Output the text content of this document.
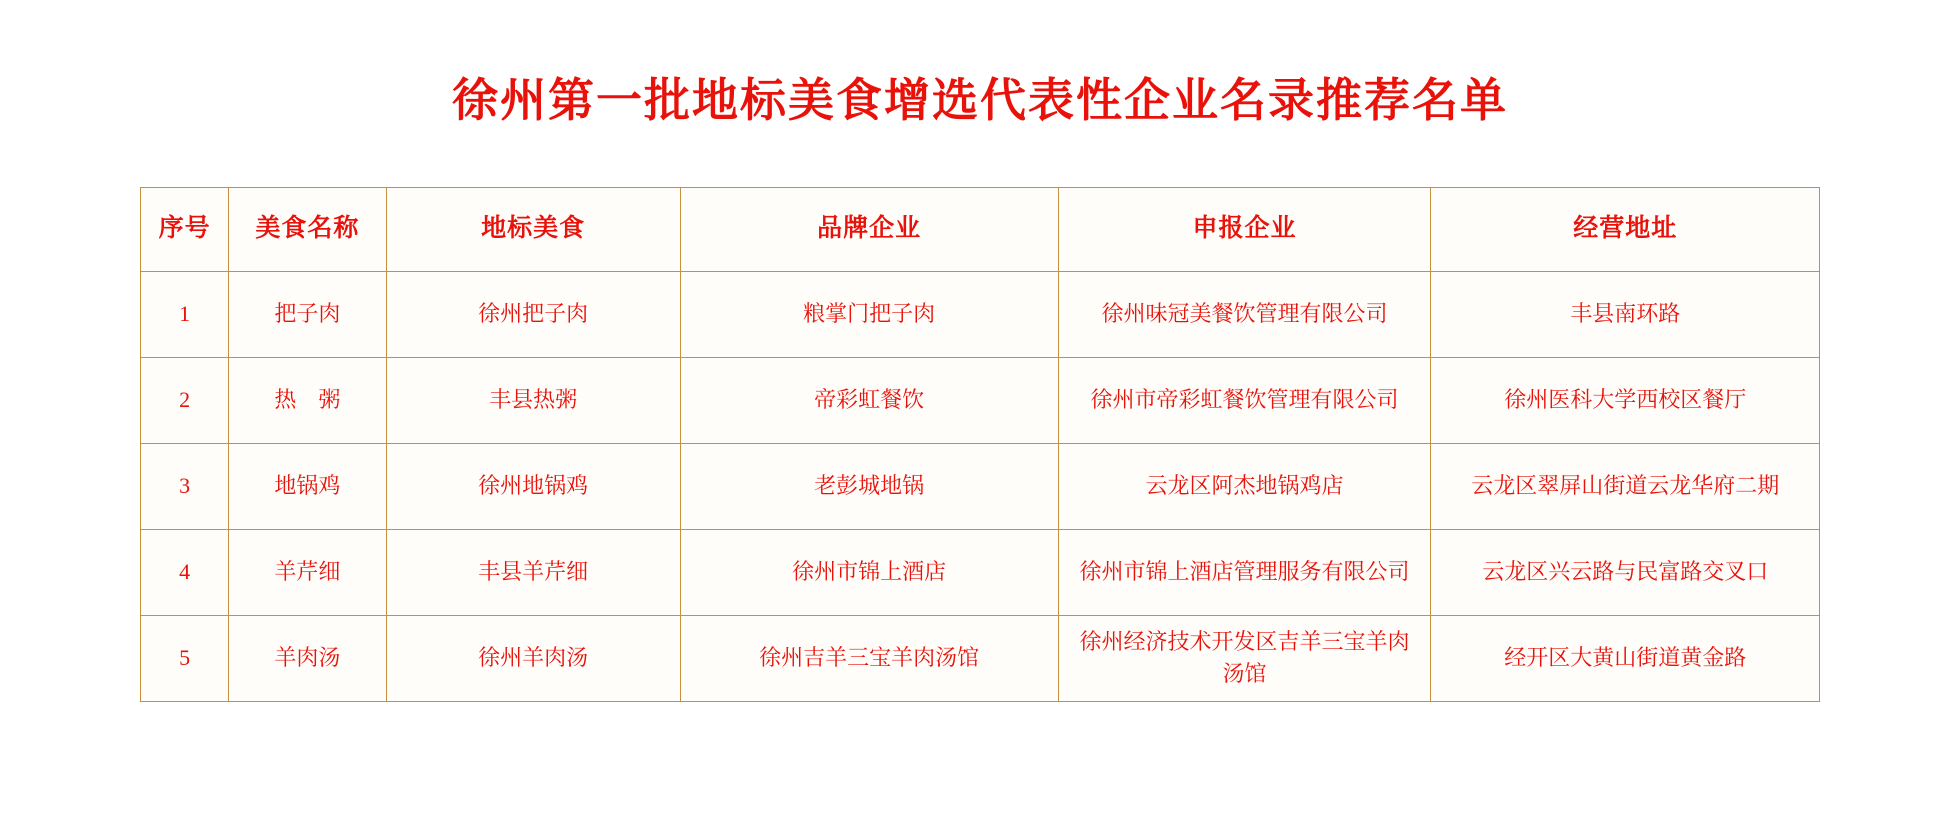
徐州第一批地标美食增选代表性企业名录推荐名单
序号	美食名称	地标美食	品牌企业	申报企业	经营地址
1	把子肉	徐州把子肉	粮掌门把子肉	徐州味冠美餐饮管理有限公司	丰县南环路
2	热　粥	丰县热粥	帝彩虹餐饮	徐州市帝彩虹餐饮管理有限公司	徐州医科大学西校区餐厅
3	地锅鸡	徐州地锅鸡	老彭城地锅	云龙区阿杰地锅鸡店	云龙区翠屏山街道云龙华府二期
4	羊芹细	丰县羊芹细	徐州市锦上酒店	徐州市锦上酒店管理服务有限公司	云龙区兴云路与民富路交叉口
5	羊肉汤	徐州羊肉汤	徐州吉羊三宝羊肉汤馆	徐州经济技术开发区吉羊三宝羊肉汤馆	经开区大黄山街道黄金路
